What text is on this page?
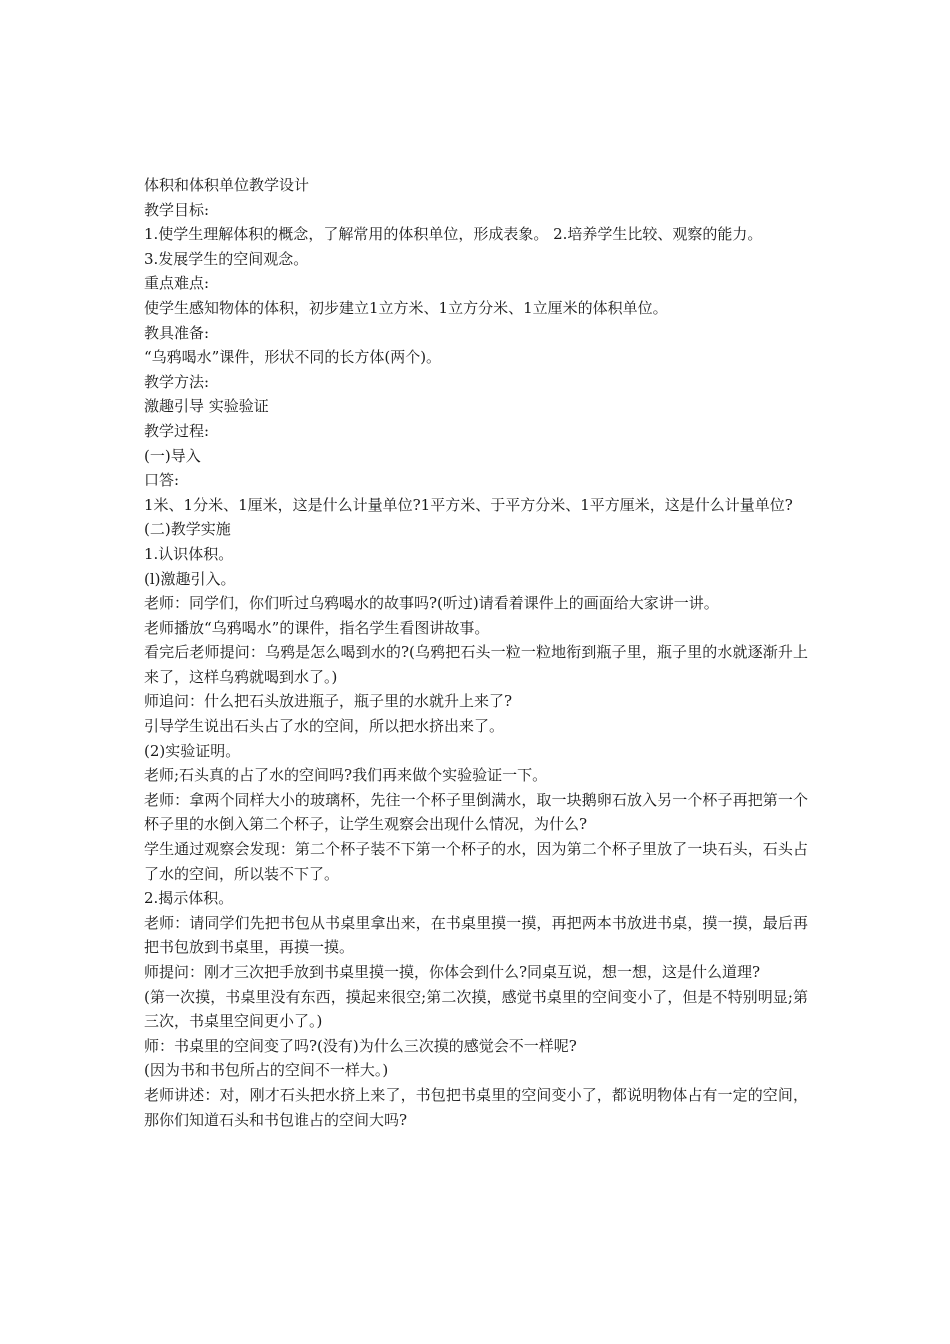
体积和体积单位教学设计

教学目标:

1.使学生理解体积的概念，了解常用的体积单位，形成表象。 2.培养学生比较、观察的能力。

3.发展学生的空间观念。

重点难点:

使学生感知物体的体积，初步建立1立方米、1立方分米、1立厘米的体积单位。

教具准备:

“乌鸦喝水”课件，形状不同的长方体(两个)。

教学方法:

激趣引导 实验验证

教学过程:

(一)导入

口答:

1米、1分米、1厘米，这是什么计量单位?1平方米、于平方分米、1平方厘米，这是什么计量单位?

(二)教学实施

1.认识体积。

(l)激趣引入。

老师：同学们，你们听过乌鸦喝水的故事吗?(听过)请看着课件上的画面给大家讲一讲。

老师播放“乌鸦喝水”的课件，指名学生看图讲故事。

看完后老师提问：乌鸦是怎么喝到水的?(乌鸦把石头一粒一粒地衔到瓶子里，瓶子里的水就逐渐升上来了，这样乌鸦就喝到水了。)

师追问：什么把石头放进瓶子，瓶子里的水就升上来了?

引导学生说出石头占了水的空间，所以把水挤出来了。

(2)实验证明。

老师;石头真的占了水的空间吗?我们再来做个实验验证一下。

老师：拿两个同样大小的玻璃杯，先往一个杯子里倒满水，取一块鹅卵石放入另一个杯子再把第一个杯子里的水倒入第二个杯子，让学生观察会出现什么情况，为什么?

学生通过观察会发现：第二个杯子装不下第一个杯子的水，因为第二个杯子里放了一块石头，石头占了水的空间，所以装不下了。

2.揭示体积。

老师：请同学们先把书包从书桌里拿出来，在书桌里摸一摸，再把两本书放进书桌，摸一摸，最后再把书包放到书桌里，再摸一摸。

师提问：刚才三次把手放到书桌里摸一摸，你体会到什么?同桌互说，想一想，这是什么道理?

(第一次摸，书桌里没有东西，摸起来很空;第二次摸，感觉书桌里的空间变小了，但是不特别明显;第三次，书桌里空间更小了。)

师：书桌里的空间变了吗?(没有)为什么三次摸的感觉会不一样呢?

(因为书和书包所占的空间不一样大。)

老师讲述：对，刚才石头把水挤上来了，书包把书桌里的空间变小了，都说明物体占有一定的空间，那你们知道石头和书包谁占的空间大吗?
